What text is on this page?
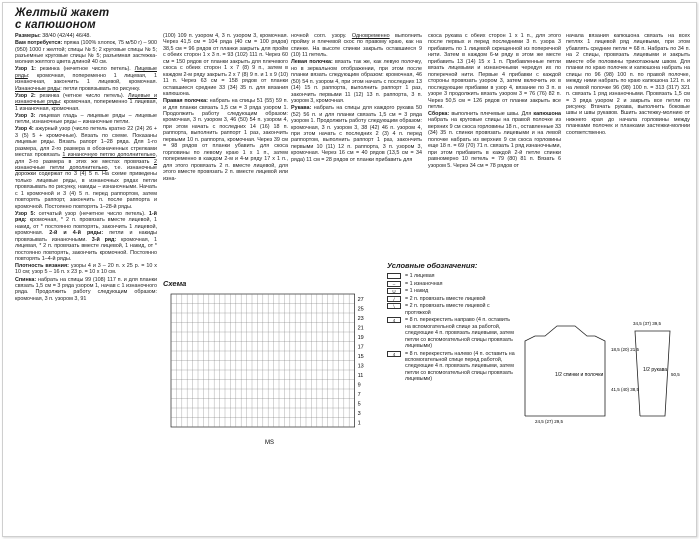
Желтый жакет
с капюшоном

Размеры: 38/40 (42/44) 46/48.

Вам потребуется: пряжа (100% хлопок, 75 м/50 г) – 900 (950) 1000 г желтой; спицы № 5; 2 круговые спицы № 5; разъемные круговые спицы № 5; разъемная застежка-молния желтого цвета длиной 40 см.

Узор 1: резинка (нечетное число петель). Лицевые ряды: кромочная, попеременно 1 лицевая, 1 изнаночная, закончить 1 лицевой, кромочная. Изнаночные ряды: петли провязывать по рисунку.

Узор 2: резинка (четное число петель). Лицевые и изнаночные ряды: кромочная, попеременно 1 лицевая, 1 изнаночная, кромочная.

Узор 3: лицевая гладь – лицевые ряды – лицевые петли, изнаночные ряды – изнаночные петли.

Узор 4: ажурный узор (число петель кратно 22 (24) 26 + 3 (5) 5 + кромочные). Вязать по схеме. Показаны лицевые ряды. Вязать рапорт 1–28 ряда. Для 1-го размера, для 2-го размера в обозначенных стрелками местах провязать 1 изнаночную петлю дополнительно, для 3-го размера в этих же местах провязать 2 изнаночные петли дополнительно, т.е. изнаночные дорожки содержат по 3 (4) 5 п. На схеме приведены только лицевые ряды, в изнаночных рядах петли провязывать по рисунку, накиды – изнаночными. Начать с 1 кромочной и 3 (4) 5 п. перед раппортом, затем повторять раппорт, закончить п. после раппорта и кромочной. Постоянно повторять 1–28-й ряды.

Узор 5: сетчатый узор (нечетное число петель). 1-й ряд: кромочная, * 2 п. провязать вместе лицевой, 1 накид, от * постоянно повторять, закончить 1 лицевой, кромочная. 2-й и 4-й ряды: петли и накиды провязывать изнаночными. 3-й ряд: кромочная, 1 лицевая, * 2 п. провязать вместе лицевой, 1 накид, от * постоянно повторять, закончить кромочной. Постоянно повторять 1–4-й ряды.

Плотность вязания: узоры 4 и 3 – 20 п. x 25 р. = 10 x 10 см; узор 5 – 16 п. x 23 р. = 10 x 10 см.

Спинка: набрать на спицы 99 (108) 117 п. и для планки связать 1,5 см = 3 ряда узором 1, начав с 1 изнаночного ряда. Продолжить работу следующим образом: кромочная, 3 п. узором 3, 91

(100) 109 п. узором 4, 3 п. узором 3, кромочная. Через 41,5 см = 104 ряда (40 см = 100 рядов) 38,5 см = 96 рядов от планки закрыть для пройм с обеих сторон 1 х 3 п. = 93 (102) 111 п. Через 60 см = 150 рядов от планки закрыть для плечевого скоса с обеих сторон 1 х 7 (8) 9 п., затем в каждом 2-м ряду закрыть 2 х 7 (8) 9 п. и 1 х 9 (10) 11 п. Через 63 см = 158 рядов от планки оставшиеся средние 33 (34) 35 п. для вязания капюшона.

Правая полочка: набрать на спицы 51 (55) 59 п. и для планки связать 1,5 см = 3 ряда узором 1. Продолжить работу следующим образом: кромочная, 3 п. узором 3, 46 (50) 54 п. узором 4, при этом начать с последних 14 (16) 18 п. раппорта, выполнить раппорт 1 раз, закончить первыми 10 п. раппорта, кромочная. Через 39 см = 98 рядов от планки убавить для скоса горловины по левому краю 1 х 1 п., затем попеременно в каждом 2-м и 4-м ряду 17 х 1 п., для этого провязать 2 п. вместе лицевой, для этого вместе провязать 2 п. вместе лицевой или изна-

ночной согл. узору. Одновременно выполнить пройму и плечевой скос по правому краю, как на спинке. На высоте спинки закрыть оставшиеся 9 (10) 11 петель.

Левая полочка: вязать так же, как левую полочку, но в зеркальном отображении, при этом после планки вязать следующим образом: кромочная, 46 (50) 54 п. узором 4, при этом начать с последних 13 (14) 15 п. раппорта, выполнить раппорт 1 раз, закончить первыми 11 (12) 13 п. раппорта, 3 п. узором 3, кромочная.

Рукава: набрать на спицы для каждого рукава 50 (52) 56 п. и для планки связать 1,5 см = 3 ряда узором 1. Продолжить работу следующим образом: кромочная, 3 п. узором 3, 38 (42) 46 п. узором 4, при этом начать с последних 2 (3) 4 п. перед раппортом, выполнить раппорт 1 раз, закончить первыми 10 (11) 12 п. раппорта, 3 п. узором 3, кромочная. Через 16 см = 40 рядов (13,5 см = 34 ряда) 11 см = 28 рядов от планки прибавить для

скоса рукава с обеих сторон 1 х 1 п., для этого после первых и перед последними 3 п. узора 3 прибавить по 1 лицевой скрещенной из поперечной нити. Затем в каждом 6-м ряду в этом же месте прибавить 13 (14) 15 х 1 п. Прибавленные петли вязать лицевыми и изнаночными чередуя их по поперечной нити. Первые 4 прибавки с каждой стороны провязать узором 3, затем включить их в последующие прибавки в узор 4, вязание по 3 п. в узоре 3 продолжить вязать узором 3 = 76 (76) 82 п. Через 50,5 см = 126 рядов от планки закрыть все петли.

Сборка: выполнить плечевые швы. Для капюшона набрать на круговые спицы на правой полочке из верхних 9 см скоса горловины 18 п., оставленные 33 (34) 35 п. спинки провязать лицевыми и на левой полочке набрать из верхних 9 см скоса горловины еще 18 п. = 69 (70) 71 п. связать 1 ряд изнаночными, при этом прибавить в каждой 2-й петле спинки равномерно 10 петель = 79 (80) 81 п. Вязать 6 узором 5. Через 34 см = 78 рядов от

начала вязания капюшона связать на всех петлях 1 лицевой ряд лицевыми, при этом убавлять средние петли = 68 п. Набрать по 34 п. на 2 спицы, провязать лицевыми и закрыть вместе обе половины трикотажным швом. Для планки по краю полочек и капюшона набрать на спицы по 96 (98) 100 п. по правой полочке, между ними набрать по краю капюшона 121 п. и на левой полочке 96 (98) 100 п. = 313 (317) 321 п. связать 1 ряд изнаночными. Провязать 1,5 см = 3 ряда узором 2 и закрыть все петли по рисунку. Втачать рукава, выполнить боковые швы и швы рукавов. Вшить застежку-молнию от нижнего края до начала горловины между планками полочек и планками застежки-молнии соответственно.

Схема
27
25
23
21
19
17
15
13
11
9
7
5
3
1
MS
Условные обозначения:
= 1 лицевая
–	= 1 изнаночная
U	= 1 накид
/	= 2 п. провязать вместе лицевой
\	= 2 п. провязать вместе лицевой с протяжкой
4	= 8 п. перекрестить направо (4 п. оставить на вспомогательной спице за работой, следующие 4 п. провязать лицевыми, затем петли со вспомогательной спицы провязать лицевыми)
4	= 8 п. перекрестить налево (4 п. оставить на вспомогательной спице перед работой, следующие 4 п. провязать лицевыми, затем петли со вспомогательной спицы провязать лицевыми)
1/2 спинки и полочки
41,5 (40) 38,5
18,5 (20) 21,5
24,5 (27) 29,5
1/2 рукава
50,5
34,5 (37) 39,5
